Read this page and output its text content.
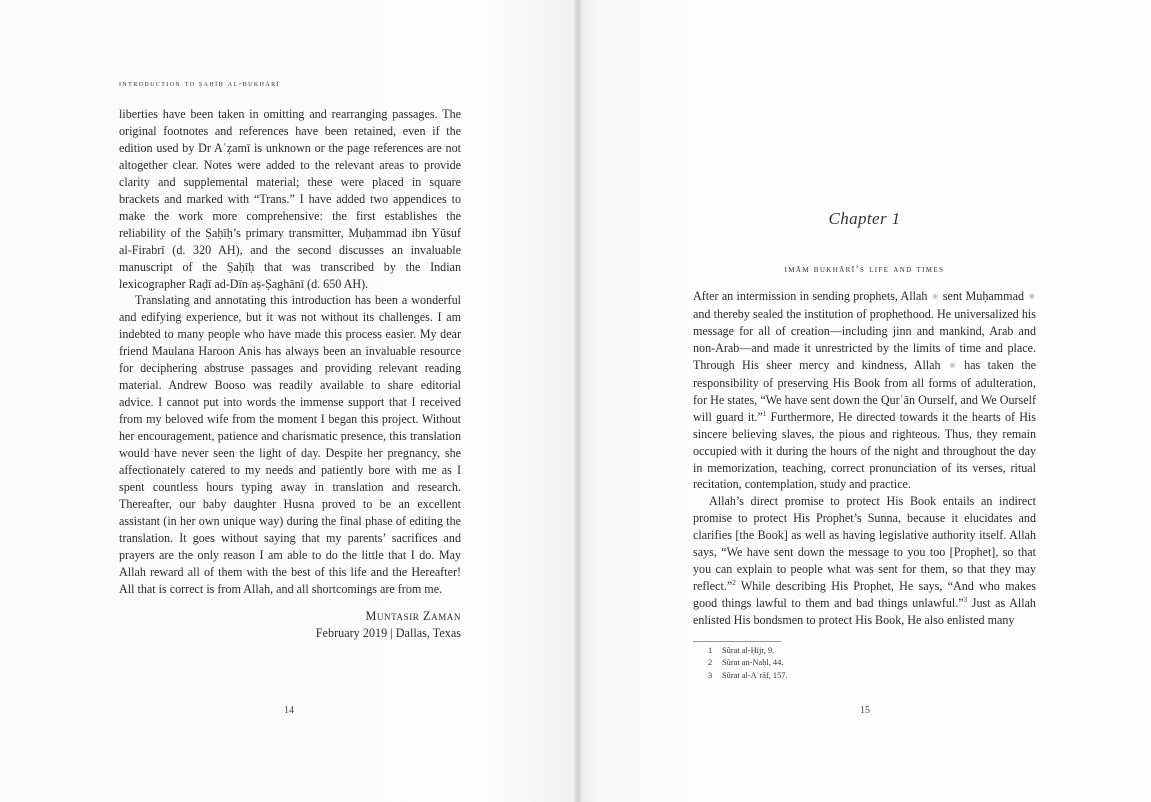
introduction to ṣaḥīḥ al-bukhārī

liberties have been taken in omitting and rearranging passages. The original footnotes and references have been retained, even if the edition used by Dr Aʿẓamī is unknown or the page references are not altogether clear. Notes were added to the relevant areas to provide clarity and supplemental material; these were placed in square brackets and marked with “Trans.” I have added two appendices to make the work more comprehensive: the first establishes the reliability of the Ṣaḥīḥ’s primary transmitter, Muḥammad ibn Yūsuf al-Firabrī (d. 320 AH), and the second discusses an invaluable manuscript of the Ṣaḥīḥ that was transcribed by the Indian lexicographer Raḍī ad-Dīn aṣ-Ṣaghānī (d. 650 AH).

Translating and annotating this introduction has been a wonderful and edifying experience, but it was not without its challenges. I am indebted to many people who have made this process easier. My dear friend Maulana Haroon Anis has always been an invaluable resource for deciphering abstruse passages and providing relevant reading material. Andrew Booso was readily available to share editorial advice. I cannot put into words the immense support that I received from my beloved wife from the moment I began this project. Without her encouragement, patience and charismatic presence, this translation would have never seen the light of day. Despite her pregnancy, she affectionately catered to my needs and patiently bore with me as I spent countless hours typing away in translation and research. Thereafter, our baby daughter Husna proved to be an excellent assistant (in her own unique way) during the final phase of editing the translation. It goes without saying that my parents’ sacrifices and prayers are the only reason I am able to do the little that I do. May Allah reward all of them with the best of this life and the Hereafter! All that is correct is from Allah, and all shortcomings are from me.

Muntasir Zaman
February 2019 | Dallas, Texas
14
Chapter 1
imām bukhārī’s life and times

After an intermission in sending prophets, Allah ❀ sent Muḥammad ❀ and thereby sealed the institution of prophethood. He universalized his message for all of creation—including jinn and mankind, Arab and non-Arab—and made it unrestricted by the limits of time and place. Through His sheer mercy and kindness, Allah ❀ has taken the responsibility of preserving His Book from all forms of adulteration, for He states, “We have sent down the Qurʾān Ourself, and We Ourself will guard it.”$^1$ Furthermore, He directed towards it the hearts of His sincere believing slaves, the pious and righteous. Thus, they remain occupied with it during the hours of the night and throughout the day in memorization, teaching, correct pronunciation of its verses, ritual recitation, contemplation, study and practice.

Allah’s direct promise to protect His Book entails an indirect promise to protect His Prophet’s Sunna, because it elucidates and clarifies [the Book] as well as having legislative authority itself. Allah says, “We have sent down the message to you too [Prophet], so that you can explain to people what was sent for them, so that they may reflect.”$^2$ While describing His Prophet, He says, “And who makes good things lawful to them and bad things unlawful.”$^3$ Just as Allah enlisted His bondsmen to protect His Book, He also enlisted many

1 Sūrat al-Ḥijr, 9.
2 Sūrat an-Naḥl, 44.
3 Sūrat al-Aʿrāf, 157.
15
